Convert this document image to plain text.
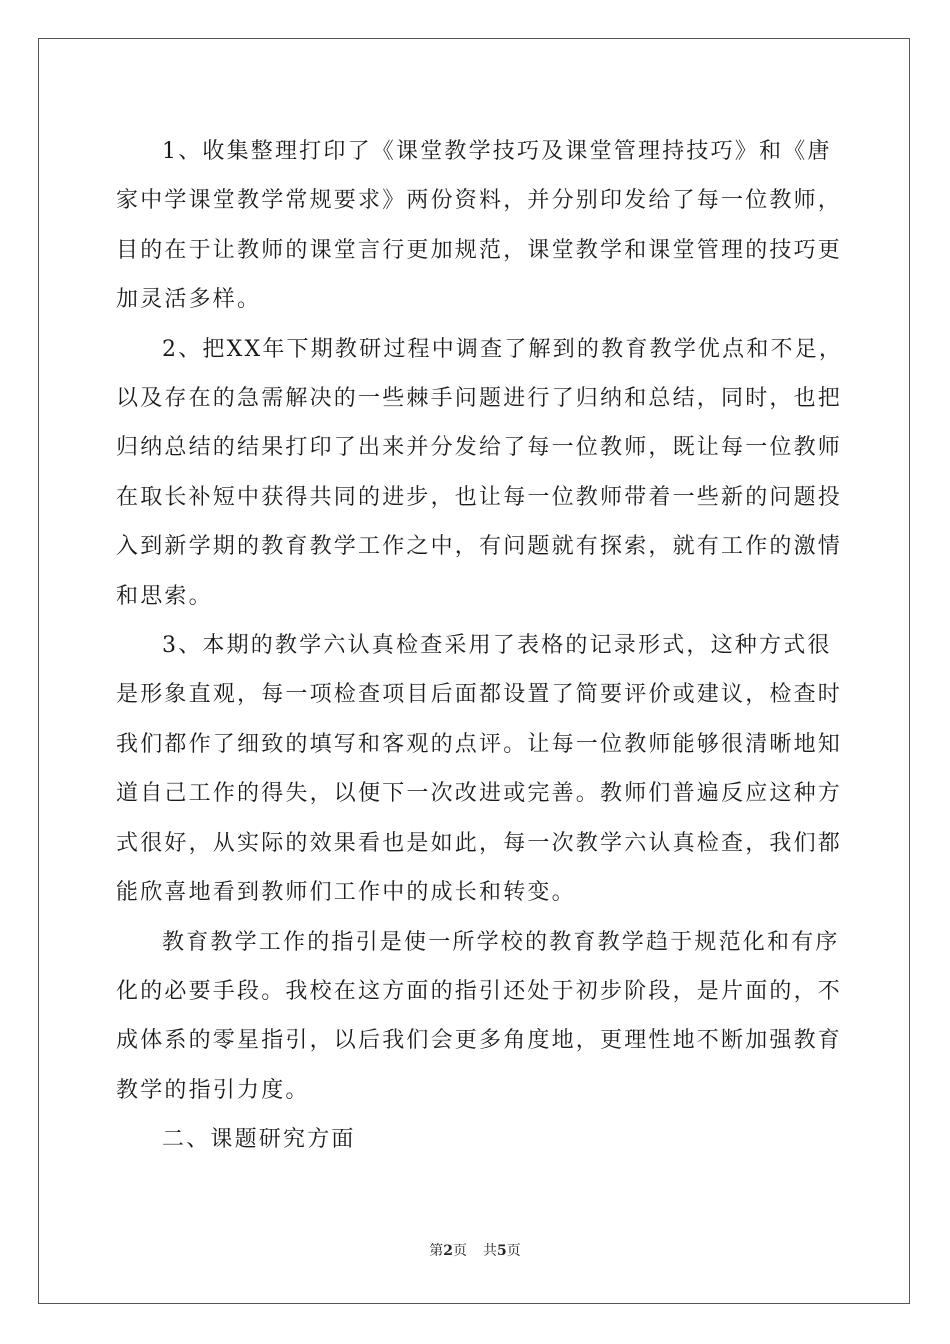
1、收集整理打印了《课堂教学技巧及课堂管理持技巧》和《唐
家中学课堂教学常规要求》两份资料，并分别印发给了每一位教师，
目的在于让教师的课堂言行更加规范，课堂教学和课堂管理的技巧更
加灵活多样。

2、把XX年下期教研过程中调查了解到的教育教学优点和不足，
以及存在的急需解决的一些棘手问题进行了归纳和总结，同时，也把
归纳总结的结果打印了出来并分发给了每一位教师，既让每一位教师
在取长补短中获得共同的进步，也让每一位教师带着一些新的问题投
入到新学期的教育教学工作之中，有问题就有探索，就有工作的激情
和思索。

3、本期的教学六认真检查采用了表格的记录形式，这种方式很
是形象直观，每一项检查项目后面都设置了简要评价或建议，检查时
我们都作了细致的填写和客观的点评。让每一位教师能够很清晰地知
道自己工作的得失，以便下一次改进或完善。教师们普遍反应这种方
式很好，从实际的效果看也是如此，每一次教学六认真检查，我们都
能欣喜地看到教师们工作中的成长和转变。

教育教学工作的指引是使一所学校的教育教学趋于规范化和有序
化的必要手段。我校在这方面的指引还处于初步阶段，是片面的，不
成体系的零星指引，以后我们会更多角度地，更理性地不断加强教育
教学的指引力度。

二、课题研究方面

第2页 共5页
